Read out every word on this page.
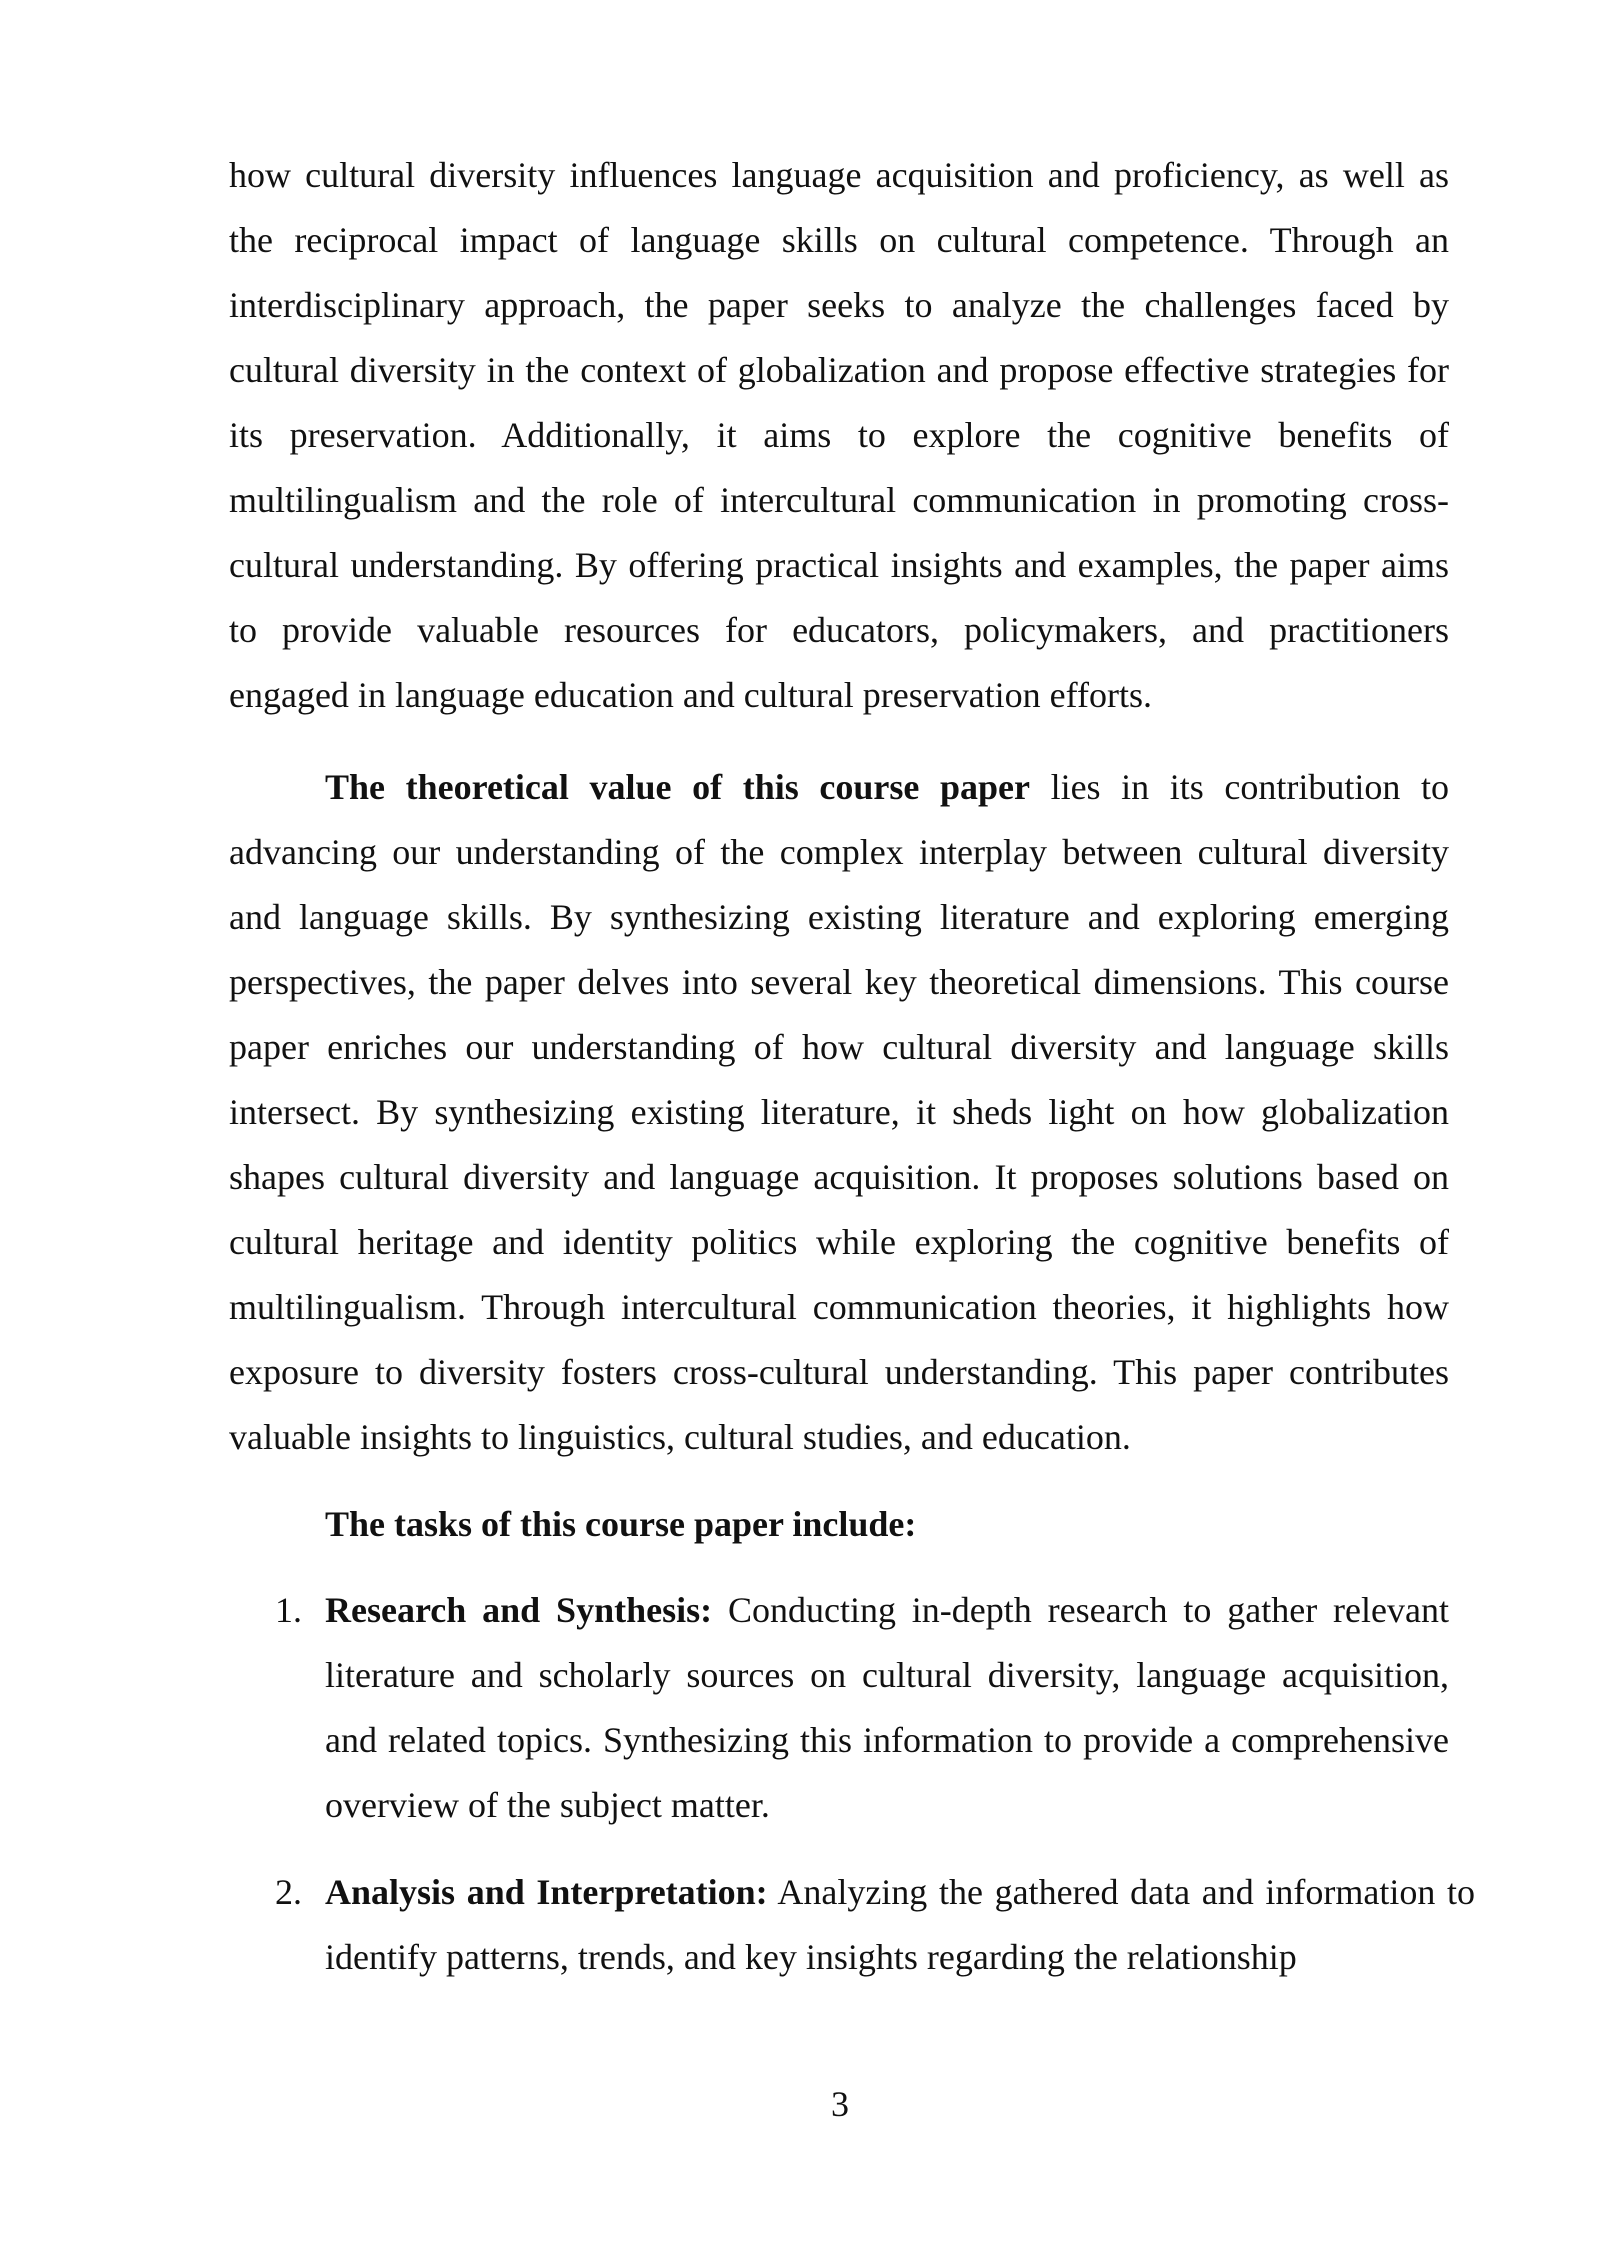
how cultural diversity influences language acquisition and proficiency, as well as the reciprocal impact of language skills on cultural competence. Through an interdisciplinary approach, the paper seeks to analyze the challenges faced by cultural diversity in the context of globalization and propose effective strategies for its preservation. Additionally, it aims to explore the cognitive benefits of multilingualism and the role of intercultural communication in promoting cross-cultural understanding. By offering practical insights and examples, the paper aims to provide valuable resources for educators, policymakers, and practitioners engaged in language education and cultural preservation efforts.

The theoretical value of this course paper lies in its contribution to advancing our understanding of the complex interplay between cultural diversity and language skills. By synthesizing existing literature and exploring emerging perspectives, the paper delves into several key theoretical dimensions. This course paper enriches our understanding of how cultural diversity and language skills intersect. By synthesizing existing literature, it sheds light on how globalization shapes cultural diversity and language acquisition. It proposes solutions based on cultural heritage and identity politics while exploring the cognitive benefits of multilingualism. Through intercultural communication theories, it highlights how exposure to diversity fosters cross-cultural understanding. This paper contributes valuable insights to linguistics, cultural studies, and education.

The tasks of this course paper include:

1. Research and Synthesis: Conducting in-depth research to gather relevant literature and scholarly sources on cultural diversity, language acquisition, and related topics. Synthesizing this information to provide a comprehensive overview of the subject matter.

2. Analysis and Interpretation: Analyzing the gathered data and information to identify patterns, trends, and key insights regarding the relationship

3
